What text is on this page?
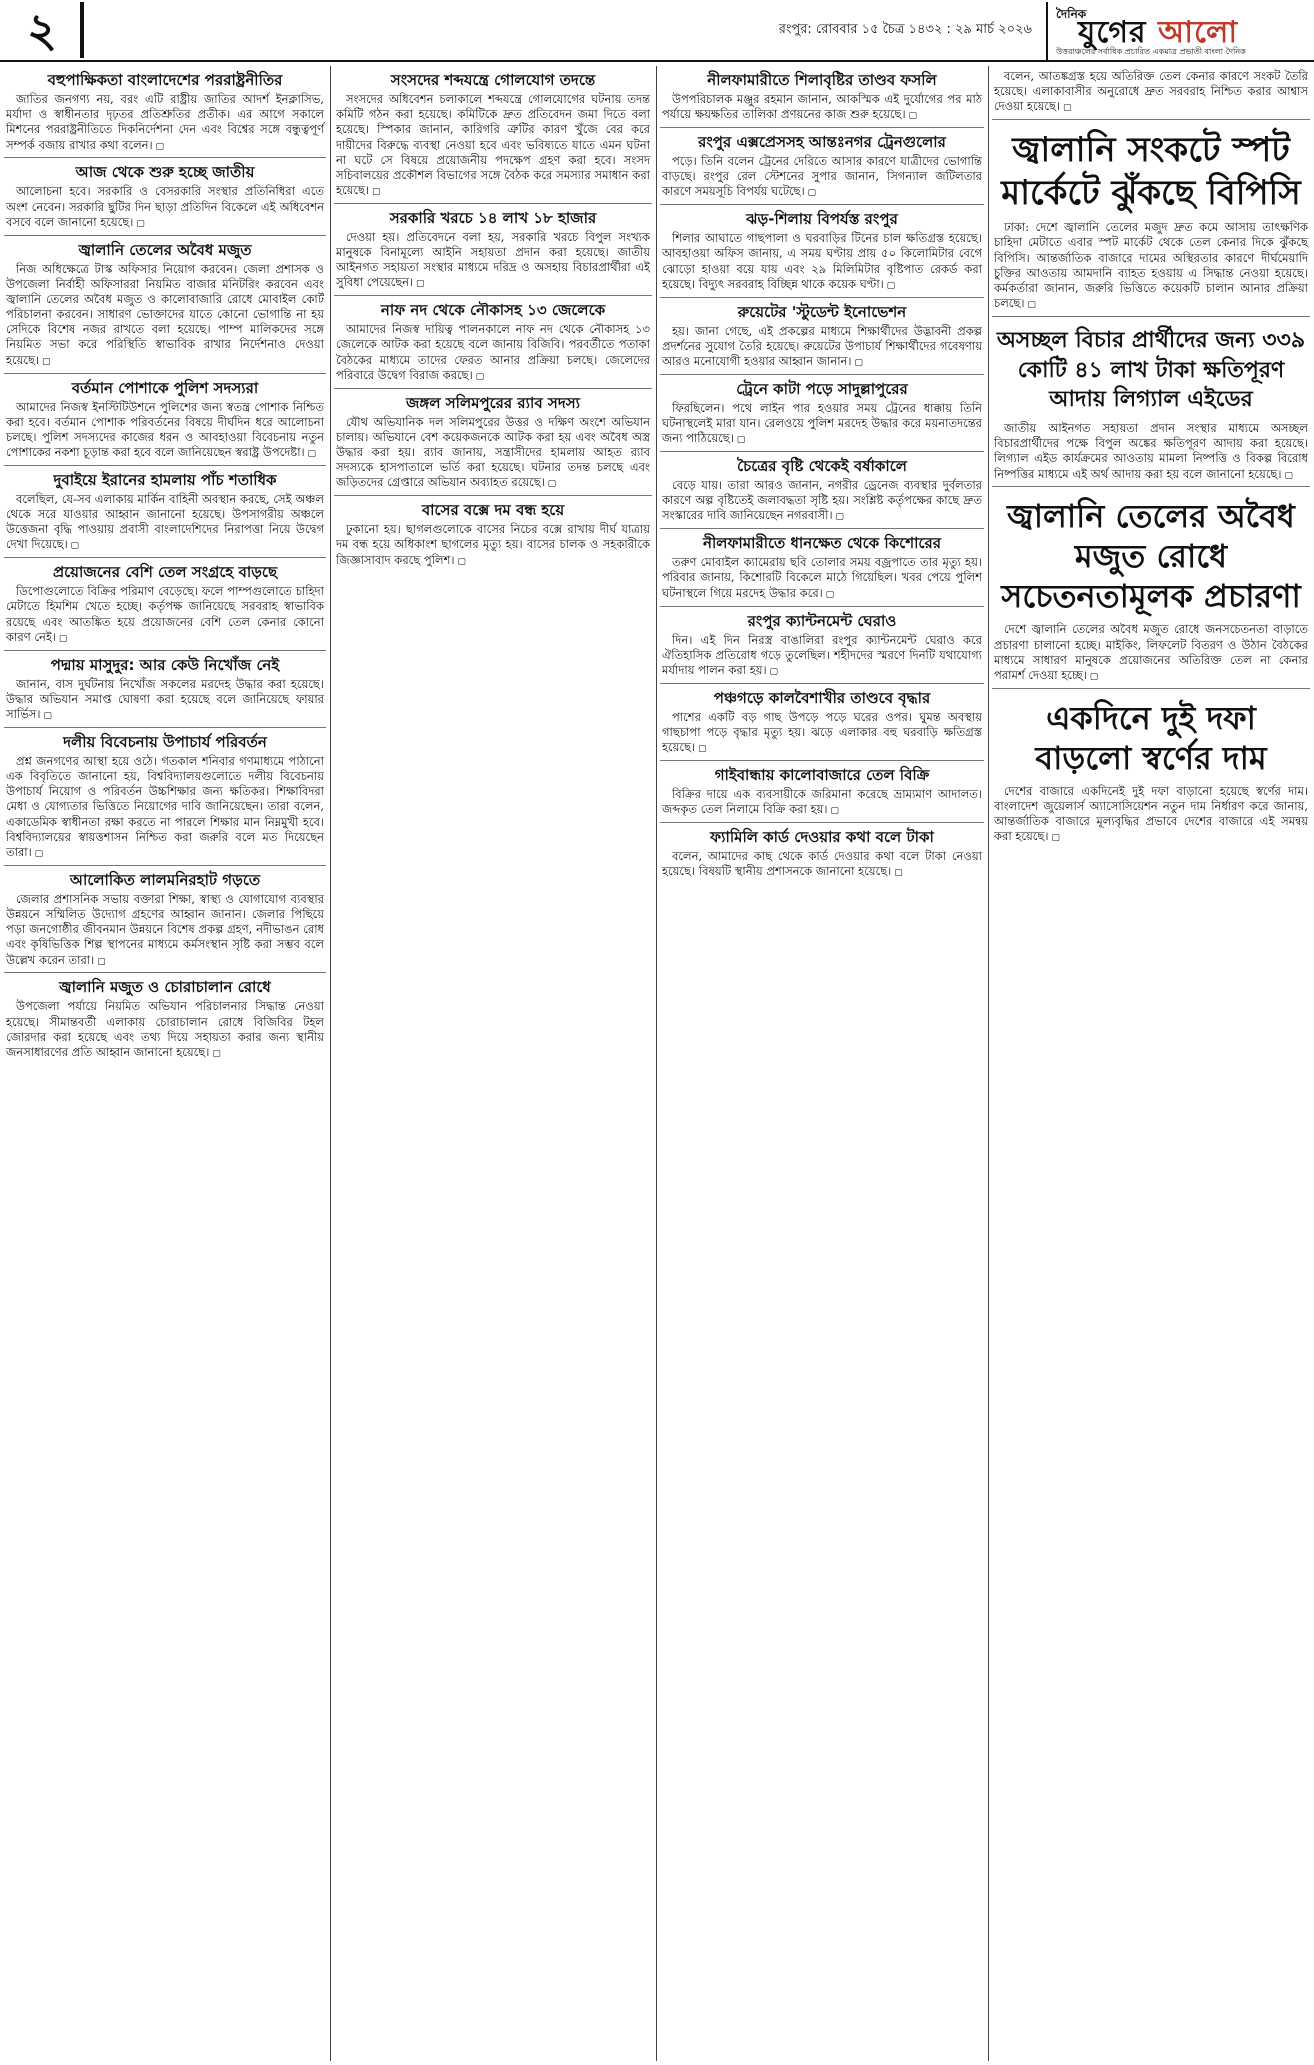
২	রংপুর: রোববার ১৫ চৈত্র ১৪৩২ : ২৯ মার্চ ২০২৬
দৈনিক
যুগের আলো
উত্তরাঞ্চলের সর্বাধিক প্রচারিত একমাত্র প্রভাতী বাংলা দৈনিক
বহুপাক্ষিকতা বাংলাদেশের পররাষ্ট্রনীতির
জাতির জনগণ্য নয়, বরং এটি রাষ্ট্রীয় জাতির আদর্শ ইনক্লাসিভ, মর্যাদা ও স্বাধীনতার দৃঢ়তর প্রতিশ্রুতির প্রতীক। এর আগে সকালে মিশনের পররাষ্ট্রনীতিতে দিকনির্দেশনা দেন এবং বিশ্বের সঙ্গে বন্ধুত্বপূর্ণ সম্পর্ক বজায় রাখার কথা বলেন। ▢
আজ থেকে শুরু হচ্ছে জাতীয়
আলোচনা হবে। সরকারি ও বেসরকারি সংস্থার প্রতিনিধিরা এতে অংশ নেবেন। সরকারি ছুটির দিন ছাড়া প্রতিদিন বিকেলে এই অধিবেশন বসবে বলে জানানো হয়েছে। ▢
জ্বালানি তেলের অবৈধ মজুত
নিজ অধিক্ষেত্রে টাস্ক অফিসার নিয়োগ করবেন। জেলা প্রশাসক ও উপজেলা নির্বাহী অফিসাররা নিয়মিত বাজার মনিটরিং করবেন এবং জ্বালানি তেলের অবৈধ মজুত ও কালোবাজারি রোধে মোবাইল কোর্ট পরিচালনা করবেন। সাধারণ ভোক্তাদের যাতে কোনো ভোগান্তি না হয় সেদিকে বিশেষ নজর রাখতে বলা হয়েছে। পাম্প মালিকদের সঙ্গে নিয়মিত সভা করে পরিস্থিতি স্বাভাবিক রাখার নির্দেশনাও দেওয়া হয়েছে। ▢
বর্তমান পোশাকে পুলিশ সদস্যরা
আমাদের নিজস্ব ইনস্টিটিউশনে পুলিশের জন্য স্বতন্ত্র পোশাক নিশ্চিত করা হবে। বর্তমান পোশাক পরিবর্তনের বিষয়ে দীর্ঘদিন ধরে আলোচনা চলছে। পুলিশ সদস্যদের কাজের ধরন ও আবহাওয়া বিবেচনায় নতুন পোশাকের নকশা চূড়ান্ত করা হবে বলে জানিয়েছেন স্বরাষ্ট্র উপদেষ্টা। ▢
দুবাইয়ে ইরানের হামলায় পাঁচ শতাধিক
বলেছিল, যে-সব এলাকায় মার্কিন বাহিনী অবস্থান করছে, সেই অঞ্চল থেকে সরে যাওয়ার আহ্বান জানানো হয়েছে। উপসাগরীয় অঞ্চলে উত্তেজনা বৃদ্ধি পাওয়ায় প্রবাসী বাংলাদেশিদের নিরাপত্তা নিয়ে উদ্বেগ দেখা দিয়েছে। ▢
প্রয়োজনের বেশি তেল সংগ্রহে বাড়ছে
ডিপোগুলোতে বিক্রির পরিমাণ বেড়েছে। ফলে পাম্পগুলোতে চাহিদা মেটাতে হিমশিম খেতে হচ্ছে। কর্তৃপক্ষ জানিয়েছে সরবরাহ স্বাভাবিক রয়েছে এবং আতঙ্কিত হয়ে প্রয়োজনের বেশি তেল কেনার কোনো কারণ নেই। ▢
পদ্মায় মাসুদুর: আর কেউ নিখোঁজ নেই
জানান, বাস দুর্ঘটনায় নিখোঁজ সকলের মরদেহ উদ্ধার করা হয়েছে। উদ্ধার অভিযান সমাপ্ত ঘোষণা করা হয়েছে বলে জানিয়েছে ফায়ার সার্ভিস। ▢
দলীয় বিবেচনায় উপাচার্য পরিবর্তন
প্রশ্ন জনগণের আস্থা হয়ে ওঠে। গতকাল শনিবার গণমাধ্যমে পাঠানো এক বিবৃতিতে জানানো হয়, বিশ্ববিদ্যালয়গুলোতে দলীয় বিবেচনায় উপাচার্য নিয়োগ ও পরিবর্তন উচ্চশিক্ষার জন্য ক্ষতিকর। শিক্ষাবিদরা মেধা ও যোগ্যতার ভিত্তিতে নিয়োগের দাবি জানিয়েছেন। তারা বলেন, একাডেমিক স্বাধীনতা রক্ষা করতে না পারলে শিক্ষার মান নিম্নমুখী হবে। বিশ্ববিদ্যালয়ের স্বায়ত্তশাসন নিশ্চিত করা জরুরি বলে মত দিয়েছেন তারা। ▢
আলোকিত লালমনিরহাট গড়তে
জেলার প্রশাসনিক সভায় বক্তারা শিক্ষা, স্বাস্থ্য ও যোগাযোগ ব্যবস্থার উন্নয়নে সম্মিলিত উদ্যোগ গ্রহণের আহ্বান জানান। জেলার পিছিয়ে পড়া জনগোষ্ঠীর জীবনমান উন্নয়নে বিশেষ প্রকল্প গ্রহণ, নদীভাঙন রোধ এবং কৃষিভিত্তিক শিল্প স্থাপনের মাধ্যমে কর্মসংস্থান সৃষ্টি করা সম্ভব বলে উল্লেখ করেন তারা। ▢
জ্বালানি মজুত ও চোরাচালান রোধে
উপজেলা পর্যায়ে নিয়মিত অভিযান পরিচালনার সিদ্ধান্ত নেওয়া হয়েছে। সীমান্তবর্তী এলাকায় চোরাচালান রোধে বিজিবির টহল জোরদার করা হয়েছে এবং তথ্য দিয়ে সহায়তা করার জন্য স্থানীয় জনসাধারণের প্রতি আহ্বান জানানো হয়েছে। ▢
সংসদের শব্দযন্ত্রে গোলযোগ তদন্তে
সংসদের অধিবেশন চলাকালে শব্দযন্ত্রে গোলযোগের ঘটনায় তদন্ত কমিটি গঠন করা হয়েছে। কমিটিকে দ্রুত প্রতিবেদন জমা দিতে বলা হয়েছে। স্পিকার জানান, কারিগরি ত্রুটির কারণ খুঁজে বের করে দায়ীদের বিরুদ্ধে ব্যবস্থা নেওয়া হবে এবং ভবিষ্যতে যাতে এমন ঘটনা না ঘটে সে বিষয়ে প্রয়োজনীয় পদক্ষেপ গ্রহণ করা হবে। সংসদ সচিবালয়ের প্রকৌশল বিভাগের সঙ্গে বৈঠক করে সমস্যার সমাধান করা হয়েছে। ▢
সরকারি খরচে ১৪ লাখ ১৮ হাজার
দেওয়া হয়। প্রতিবেদনে বলা হয়, সরকারি খরচে বিপুল সংখ্যক মানুষকে বিনামূল্যে আইনি সহায়তা প্রদান করা হয়েছে। জাতীয় আইনগত সহায়তা সংস্থার মাধ্যমে দরিদ্র ও অসহায় বিচারপ্রার্থীরা এই সুবিধা পেয়েছেন। ▢
নাফ নদ থেকে নৌকাসহ ১৩ জেলেকে
আমাদের নিজস্ব দায়িত্ব পালনকালে নাফ নদ থেকে নৌকাসহ ১৩ জেলেকে আটক করা হয়েছে বলে জানায় বিজিবি। পরবর্তীতে পতাকা বৈঠকের মাধ্যমে তাদের ফেরত আনার প্রক্রিয়া চলছে। জেলেদের পরিবারে উদ্বেগ বিরাজ করছে। ▢
জঙ্গল সলিমপুরের র‍্যাব সদস্য
যৌথ অভিযানিক দল সলিমপুরের উত্তর ও দক্ষিণ অংশে অভিযান চালায়। অভিযানে বেশ কয়েকজনকে আটক করা হয় এবং অবৈধ অস্ত্র উদ্ধার করা হয়। র‍্যাব জানায়, সন্ত্রাসীদের হামলায় আহত র‍্যাব সদস্যকে হাসপাতালে ভর্তি করা হয়েছে। ঘটনার তদন্ত চলছে এবং জড়িতদের গ্রেপ্তারে অভিযান অব্যাহত রয়েছে। ▢
বাসের বক্সে দম বন্ধ হয়ে
ঢুকানো হয়। ছাগলগুলোকে বাসের নিচের বক্সে রাখায় দীর্ঘ যাত্রায় দম বন্ধ হয়ে অধিকাংশ ছাগলের মৃত্যু হয়। বাসের চালক ও সহকারীকে জিজ্ঞাসাবাদ করছে পুলিশ। ▢
নীলফামারীতে শিলাবৃষ্টির তাণ্ডব ফসলি
উপপরিচালক মঞ্জুর রহমান জানান, আকস্মিক এই দুর্যোগের পর মাঠ পর্যায়ে ক্ষয়ক্ষতির তালিকা প্রণয়নের কাজ শুরু হয়েছে। ▢
রংপুর এক্সপ্রেসসহ আন্তঃনগর ট্রেনগুলোর
পড়ে। তিনি বলেন ট্রেনের দেরিতে আসার কারণে যাত্রীদের ভোগান্তি বাড়ছে। রংপুর রেল স্টেশনের সুপার জানান, সিগন্যাল জটিলতার কারণে সময়সূচি বিপর্যয় ঘটেছে। ▢
ঝড়-শিলায় বিপর্যস্ত রংপুর
শিলার আঘাতে গাছপালা ও ঘরবাড়ির টিনের চাল ক্ষতিগ্রস্ত হয়েছে। আবহাওয়া অফিস জানায়, এ সময় ঘণ্টায় প্রায় ৫০ কিলোমিটার বেগে ঝোড়ো হাওয়া বয়ে যায় এবং ২৯ মিলিমিটার বৃষ্টিপাত রেকর্ড করা হয়েছে। বিদ্যুৎ সরবরাহ বিচ্ছিন্ন থাকে কয়েক ঘণ্টা। ▢
রুয়েটের 'স্টুডেন্ট ইনোভেশন
হয়। জানা গেছে, এই প্রকল্পের মাধ্যমে শিক্ষার্থীদের উদ্ভাবনী প্রকল্প প্রদর্শনের সুযোগ তৈরি হয়েছে। রুয়েটের উপাচার্য শিক্ষার্থীদের গবেষণায় আরও মনোযোগী হওয়ার আহ্বান জানান। ▢
ট্রেনে কাটা পড়ে সাদুল্লাপুরের
ফিরছিলেন। পথে লাইন পার হওয়ার সময় ট্রেনের ধাক্কায় তিনি ঘটনাস্থলেই মারা যান। রেলওয়ে পুলিশ মরদেহ উদ্ধার করে ময়নাতদন্তের জন্য পাঠিয়েছে। ▢
চৈত্রের বৃষ্টি থেকেই বর্ষাকালে
বেড়ে যায়। তারা আরও জানান, নগরীর ড্রেনেজ ব্যবস্থার দুর্বলতার কারণে অল্প বৃষ্টিতেই জলাবদ্ধতা সৃষ্টি হয়। সংশ্লিষ্ট কর্তৃপক্ষের কাছে দ্রুত সংস্কারের দাবি জানিয়েছেন নগরবাসী। ▢
নীলফামারীতে ধানক্ষেত থেকে কিশোরের
তরুণ মোবাইল ক্যামেরায় ছবি তোলার সময় বজ্রপাতে তার মৃত্যু হয়। পরিবার জানায়, কিশোরটি বিকেলে মাঠে গিয়েছিল। খবর পেয়ে পুলিশ ঘটনাস্থলে গিয়ে মরদেহ উদ্ধার করে। ▢
রংপুর ক্যান্টনমেন্ট ঘেরাও
দিন। এই দিন নিরস্ত্র বাঙালিরা রংপুর ক্যান্টনমেন্ট ঘেরাও করে ঐতিহাসিক প্রতিরোধ গড়ে তুলেছিল। শহীদদের স্মরণে দিনটি যথাযোগ্য মর্যাদায় পালন করা হয়। ▢
পঞ্চগড়ে কালবৈশাখীর তাণ্ডবে বৃদ্ধার
পাশের একটি বড় গাছ উপড়ে পড়ে ঘরের ওপর। ঘুমন্ত অবস্থায় গাছচাপা পড়ে বৃদ্ধার মৃত্যু হয়। ঝড়ে এলাকার বহু ঘরবাড়ি ক্ষতিগ্রস্ত হয়েছে। ▢
গাইবান্ধায় কালোবাজারে তেল বিক্রি
বিক্রির দায়ে এক ব্যবসায়ীকে জরিমানা করেছে ভ্রাম্যমাণ আদালত। জব্দকৃত তেল নিলামে বিক্রি করা হয়। ▢
ফ্যামিলি কার্ড দেওয়ার কথা বলে টাকা
বলেন, আমাদের কাছ থেকে কার্ড দেওয়ার কথা বলে টাকা নেওয়া হয়েছে। বিষয়টি স্থানীয় প্রশাসনকে জানানো হয়েছে। ▢
বলেন, আতঙ্কগ্রস্ত হয়ে অতিরিক্ত তেল কেনার কারণে সংকট তৈরি হয়েছে। এলাকাবাসীর অনুরোধে দ্রুত সরবরাহ নিশ্চিত করার আশ্বাস দেওয়া হয়েছে। ▢
জ্বালানি সংকটে স্পট মার্কেটে ঝুঁকছে বিপিসি
ঢাকা: দেশে জ্বালানি তেলের মজুদ দ্রুত কমে আসায় তাৎক্ষণিক চাহিদা মেটাতে এবার স্পট মার্কেট থেকে তেল কেনার দিকে ঝুঁকছে বিপিসি। আন্তর্জাতিক বাজারে দামের অস্থিরতার কারণে দীর্ঘমেয়াদি চুক্তির আওতায় আমদানি ব্যাহত হওয়ায় এ সিদ্ধান্ত নেওয়া হয়েছে। কর্মকর্তারা জানান, জরুরি ভিত্তিতে কয়েকটি চালান আনার প্রক্রিয়া চলছে। ▢
অসচ্ছল বিচার প্রার্থীদের জন্য ৩৩৯ কোটি ৪১ লাখ টাকা ক্ষতিপূরণ আদায় লিগ্যাল এইডের
জাতীয় আইনগত সহায়তা প্রদান সংস্থার মাধ্যমে অসচ্ছল বিচারপ্রার্থীদের পক্ষে বিপুল অঙ্কের ক্ষতিপূরণ আদায় করা হয়েছে। লিগ্যাল এইড কার্যক্রমের আওতায় মামলা নিষ্পত্তি ও বিকল্প বিরোধ নিষ্পত্তির মাধ্যমে এই অর্থ আদায় করা হয় বলে জানানো হয়েছে। ▢
জ্বালানি তেলের অবৈধ মজুত রোধে সচেতনতামূলক প্রচারণা
দেশে জ্বালানি তেলের অবৈধ মজুত রোধে জনসচেতনতা বাড়াতে প্রচারণা চালানো হচ্ছে। মাইকিং, লিফলেট বিতরণ ও উঠান বৈঠকের মাধ্যমে সাধারণ মানুষকে প্রয়োজনের অতিরিক্ত তেল না কেনার পরামর্শ দেওয়া হচ্ছে। ▢
একদিনে দুই দফা বাড়লো স্বর্ণের দাম
দেশের বাজারে একদিনেই দুই দফা বাড়ানো হয়েছে স্বর্ণের দাম। বাংলাদেশ জুয়েলার্স অ্যাসোসিয়েশন নতুন দাম নির্ধারণ করে জানায়, আন্তর্জাতিক বাজারে মূল্যবৃদ্ধির প্রভাবে দেশের বাজারে এই সমন্বয় করা হয়েছে। ▢
